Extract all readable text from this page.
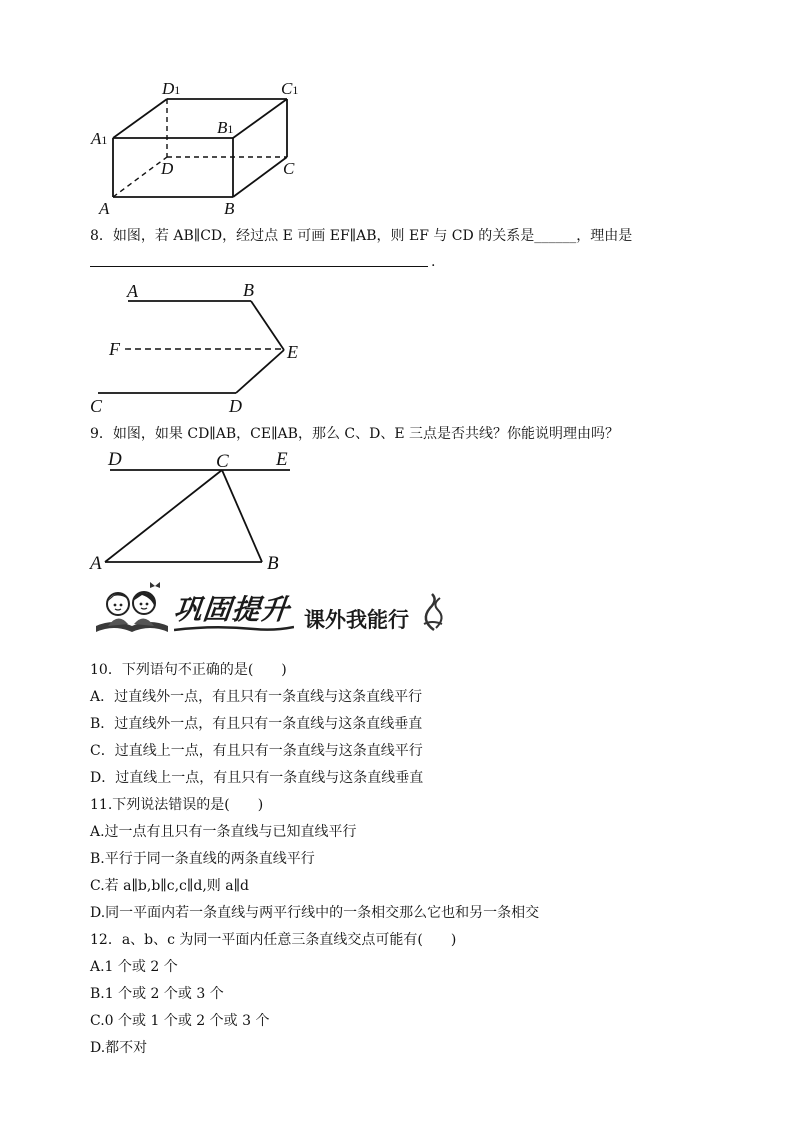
D1	C1
A1
B1
D	C
A	B
8．如图，若 AB∥CD，经过点 E 可画 EF∥AB，则 EF 与 CD 的关系是______，理由是
.
A	B
F	E
C	D
9．如图，如果 CD∥AB，CE∥AB，那么 C、D、E 三点是否共线？你能说明理由吗？
D	C E
A	B
巩固提升 课外我能行
10．下列语句不正确的是(　　)
A．过直线外一点，有且只有一条直线与这条直线平行
B．过直线外一点，有且只有一条直线与这条直线垂直
C．过直线上一点，有且只有一条直线与这条直线平行
D．过直线上一点，有且只有一条直线与这条直线垂直
11.下列说法错误的是(　　)
A.过一点有且只有一条直线与已知直线平行
B.平行于同一条直线的两条直线平行
C.若 a∥b,b∥c,c∥d,则 a∥d
D.同一平面内若一条直线与两平行线中的一条相交那么它也和另一条相交
12．a、b、c 为同一平面内任意三条直线交点可能有(　　)
A.1 个或 2 个
B.1 个或 2 个或 3 个
C.0 个或 1 个或 2 个或 3 个
D.都不对
